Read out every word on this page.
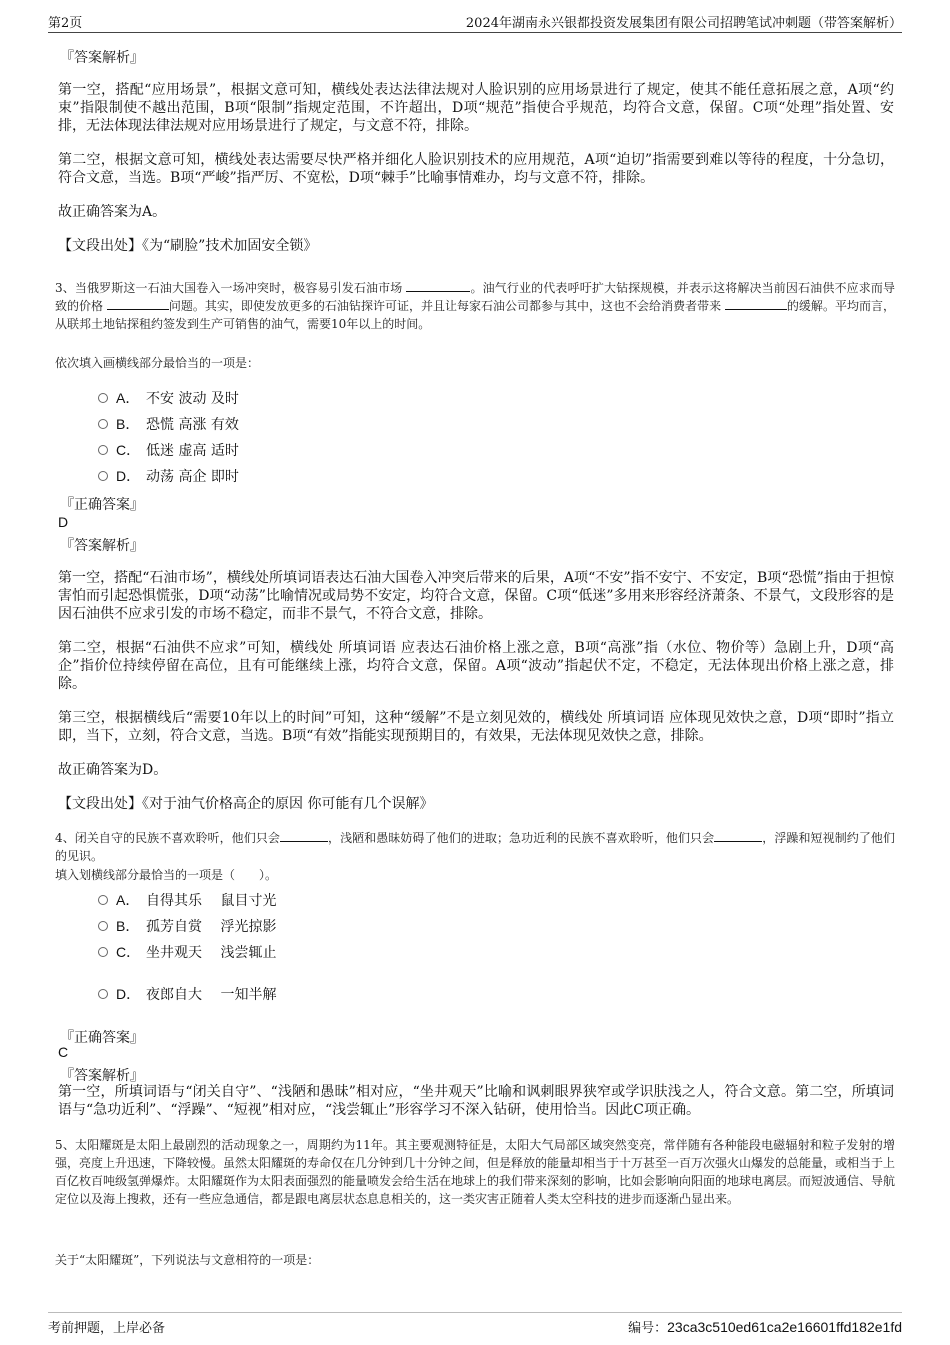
第2页	2024年湖南永兴银都投资发展集团有限公司招聘笔试冲刺题（带答案解析）
『答案解析』
第一空，搭配“应用场景”，根据文意可知，横线处表达法律法规对人脸识别的应用场景进行了规定，使其不能任意拓展之意，A项“约束”指限制使不越出范围，B项“限制”指规定范围，不许超出，D项“规范”指使合乎规范，均符合文意，保留。C项“处理”指处置、安排，无法体现法律法规对应用场景进行了规定，与文意不符，排除。
第二空，根据文意可知，横线处表达需要尽快严格并细化人脸识别技术的应用规范，A项“迫切”指需要到难以等待的程度，十分急切，符合文意，当选。B项“严峻”指严厉、不宽松，D项“棘手”比喻事情难办，均与文意不符，排除。
故正确答案为A。
【文段出处】《为“刷脸”技术加固安全锁》
3、当俄罗斯这一石油大国卷入一场冲突时，极容易引发石油市场	。油气行业的代表呼吁扩大钻探规模，并表示这将解决当前因石油供不应求而导致的价格	问题。其实，即使发放更多的石油钻探许可证，并且让每家石油公司都参与其中，这也不会给消费者带来	的缓解。平均而言，从联邦土地钻探租约签发到生产可销售的油气，需要10年以上的时间。
依次填入画横线部分最恰当的一项是：
A． 不安 波动 及时
B． 恐慌 高涨 有效
C． 低迷 虚高 适时
D． 动荡 高企 即时
『正确答案』
D
『答案解析』
第一空，搭配“石油市场”，横线处所填词语表达石油大国卷入冲突后带来的后果，A项“不安”指不安宁、不安定，B项“恐慌”指由于担惊害怕而引起恐惧慌张，D项“动荡”比喻情况或局势不安定，均符合文意，保留。C项“低迷”多用来形容经济萧条、不景气，文段形容的是因石油供不应求引发的市场不稳定，而非不景气，不符合文意，排除。
第二空，根据“石油供不应求”可知，横线处 所填词语 应表达石油价格上涨之意，B项“高涨”指（水位、物价等）急剧上升，D项“高企”指价位持续停留在高位，且有可能继续上涨，均符合文意，保留。A项“波动”指起伏不定，不稳定，无法体现出价格上涨之意，排除。
第三空，根据横线后“需要10年以上的时间”可知，这种“缓解”不是立刻见效的，横线处 所填词语 应体现见效快之意，D项“即时”指立即，当下，立刻，符合文意，当选。B项“有效”指能实现预期目的，有效果，无法体现见效快之意，排除。
故正确答案为D。
【文段出处】《对于油气价格高企的原因 你可能有几个误解》
4、闭关自守的民族不喜欢聆听，他们只会	，浅陋和愚昧妨碍了他们的进取；急功近利的民族不喜欢聆听，他们只会	，浮躁和短视制约了他们的见识。
填入划横线部分最恰当的一项是（　　）。
A． 自得其乐　 鼠目寸光
B． 孤芳自赏　 浮光掠影
C． 坐井观天　 浅尝辄止
D． 夜郎自大　 一知半解
『正确答案』
C
『答案解析』
第一空，所填词语与“闭关自守”、“浅陋和愚昧”相对应，“坐井观天”比喻和讽刺眼界狭窄或学识肤浅之人，符合文意。第二空，所填词语与“急功近利”、“浮躁”、“短视”相对应，“浅尝辄止”形容学习不深入钻研，使用恰当。因此C项正确。
5、太阳耀斑是太阳上最剧烈的活动现象之一，周期约为11年。其主要观测特征是，太阳大气局部区域突然变亮，常伴随有各种能段电磁辐射和粒子发射的增强，亮度上升迅速，下降较慢。虽然太阳耀斑的寿命仅在几分钟到几十分钟之间，但是释放的能量却相当于十万甚至一百万次强火山爆发的总能量，或相当于上百亿枚百吨级氢弹爆炸。太阳耀斑作为太阳表面强烈的能量喷发会给生活在地球上的我们带来深刻的影响，比如会影响向阳面的地球电离层。而短波通信、导航定位以及海上搜救，还有一些应急通信，都是跟电离层状态息息相关的，这一类灾害正随着人类太空科技的进步而逐渐凸显出来。
关于“太阳耀斑”，下列说法与文意相符的一项是：
考前押题，上岸必备	编号：23ca3c510ed61ca2e16601ffd182e1fd
